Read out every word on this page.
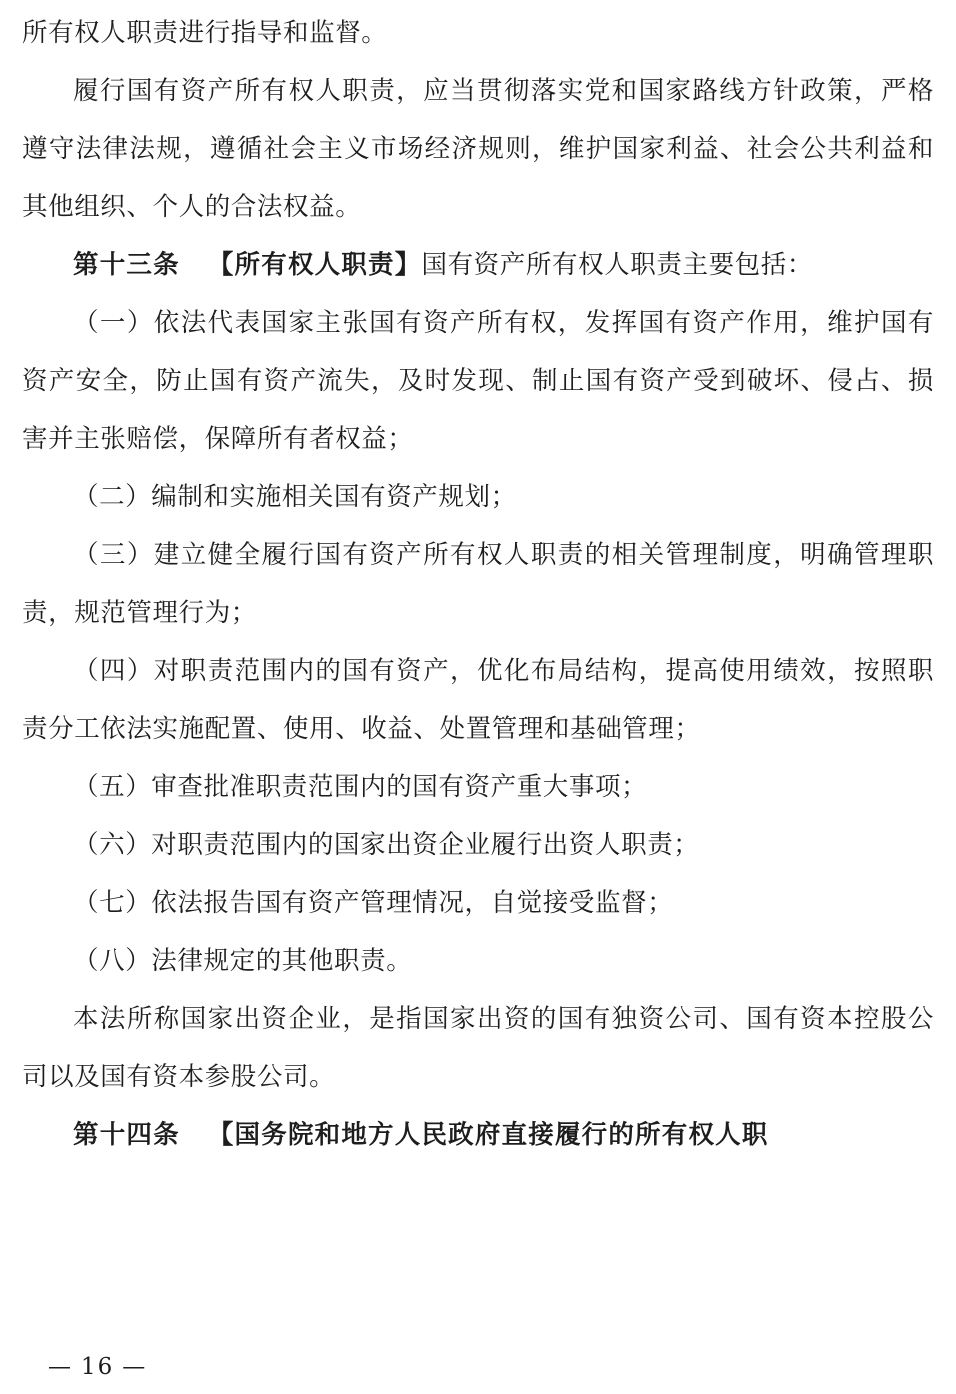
所有权人职责进行指导和监督。

履行国有资产所有权人职责，应当贯彻落实党和国家路线方针政策，严格遵守法律法规，遵循社会主义市场经济规则，维护国家利益、社会公共利益和其他组织、个人的合法权益。

第十三条 【所有权人职责】国有资产所有权人职责主要包括：

（一）依法代表国家主张国有资产所有权，发挥国有资产作用，维护国有资产安全，防止国有资产流失，及时发现、制止国有资产受到破坏、侵占、损害并主张赔偿，保障所有者权益；

（二）编制和实施相关国有资产规划；

（三）建立健全履行国有资产所有权人职责的相关管理制度，明确管理职责，规范管理行为；

（四）对职责范围内的国有资产，优化布局结构，提高使用绩效，按照职责分工依法实施配置、使用、收益、处置管理和基础管理；

（五）审查批准职责范围内的国有资产重大事项；

（六）对职责范围内的国家出资企业履行出资人职责；

（七）依法报告国有资产管理情况，自觉接受监督；

（八）法律规定的其他职责。

本法所称国家出资企业，是指国家出资的国有独资公司、国有资本控股公司以及国有资本参股公司。

第十四条 【国务院和地方人民政府直接履行的所有权人职

— 16 —
